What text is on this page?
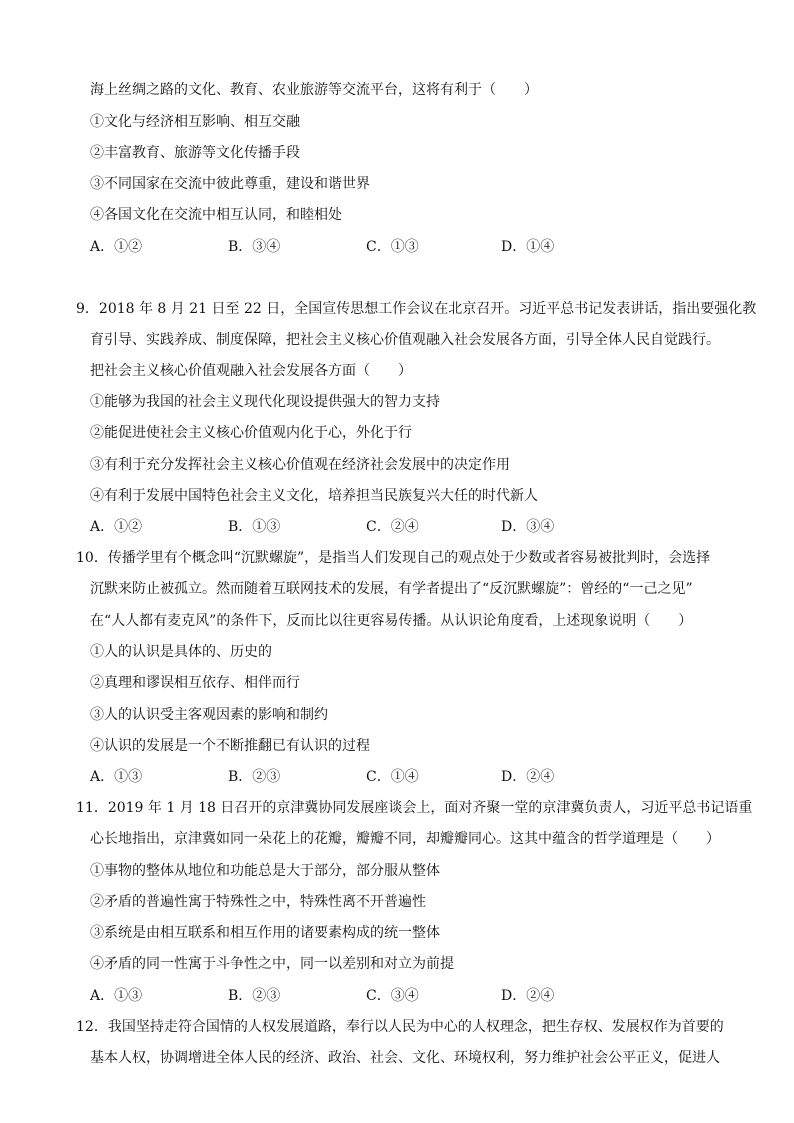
海上丝绸之路的文化、教育、农业旅游等交流平台，这将有利于（　　）
①文化与经济相互影响、相互交融
②丰富教育、旅游等文化传播手段
③不同国家在交流中彼此尊重，建设和谐世界
④各国文化在交流中相互认同，和睦相处
A．①②	B．③④	C．①③	D．①④
9．2018 年 8 月 21 日至 22 日，全国宣传思想工作会议在北京召开。习近平总书记发表讲话，指出要强化教
育引导、实践养成、制度保障，把社会主义核心价值观融入社会发展各方面，引导全体人民自觉践行。
把社会主义核心价值观融入社会发展各方面（　　）
①能够为我国的社会主义现代化现设提供强大的智力支持
②能促进使社会主义核心价值观内化于心，外化于行
③有利于充分发挥社会主义核心价值观在经济社会发展中的决定作用
④有利于发展中国特色社会主义文化，培养担当民族复兴大任的时代新人
A．①②	B．①③	C．②④	D．③④
10．传播学里有个概念叫“沉默螺旋”，是指当人们发现自己的观点处于少数或者容易被批判时，会选择
沉默来防止被孤立。然而随着互联网技术的发展，有学者提出了“反沉默螺旋”：曾经的“一己之见”
在“人人都有麦克风”的条件下，反而比以往更容易传播。从认识论角度看，上述现象说明（　　）
①人的认识是具体的、历史的
②真理和谬误相互依存、相伴而行
③人的认识受主客观因素的影响和制约
④认识的发展是一个不断推翻已有认识的过程
A．①③	B．②③	C．①④	D．②④
11．2019 年 1 月 18 日召开的京津冀协同发展座谈会上，面对齐聚一堂的京津冀负责人，习近平总书记语重
心长地指出，京津冀如同一朵花上的花瓣，瓣瓣不同，却瓣瓣同心。这其中蕴含的哲学道理是（　　）
①事物的整体从地位和功能总是大于部分，部分服从整体
②矛盾的普遍性寓于特殊性之中，特殊性离不开普遍性
③系统是由相互联系和相互作用的诸要素构成的统一整体
④矛盾的同一性寓于斗争性之中，同一以差别和对立为前提
A．①③	B．②③	C．③④	D．②④
12．我国坚持走符合国情的人权发展道路，奉行以人民为中心的人权理念，把生存权、发展权作为首要的
基本人权，协调增进全体人民的经济、政治、社会、文化、环境权利，努力维护社会公平正义，促进人
